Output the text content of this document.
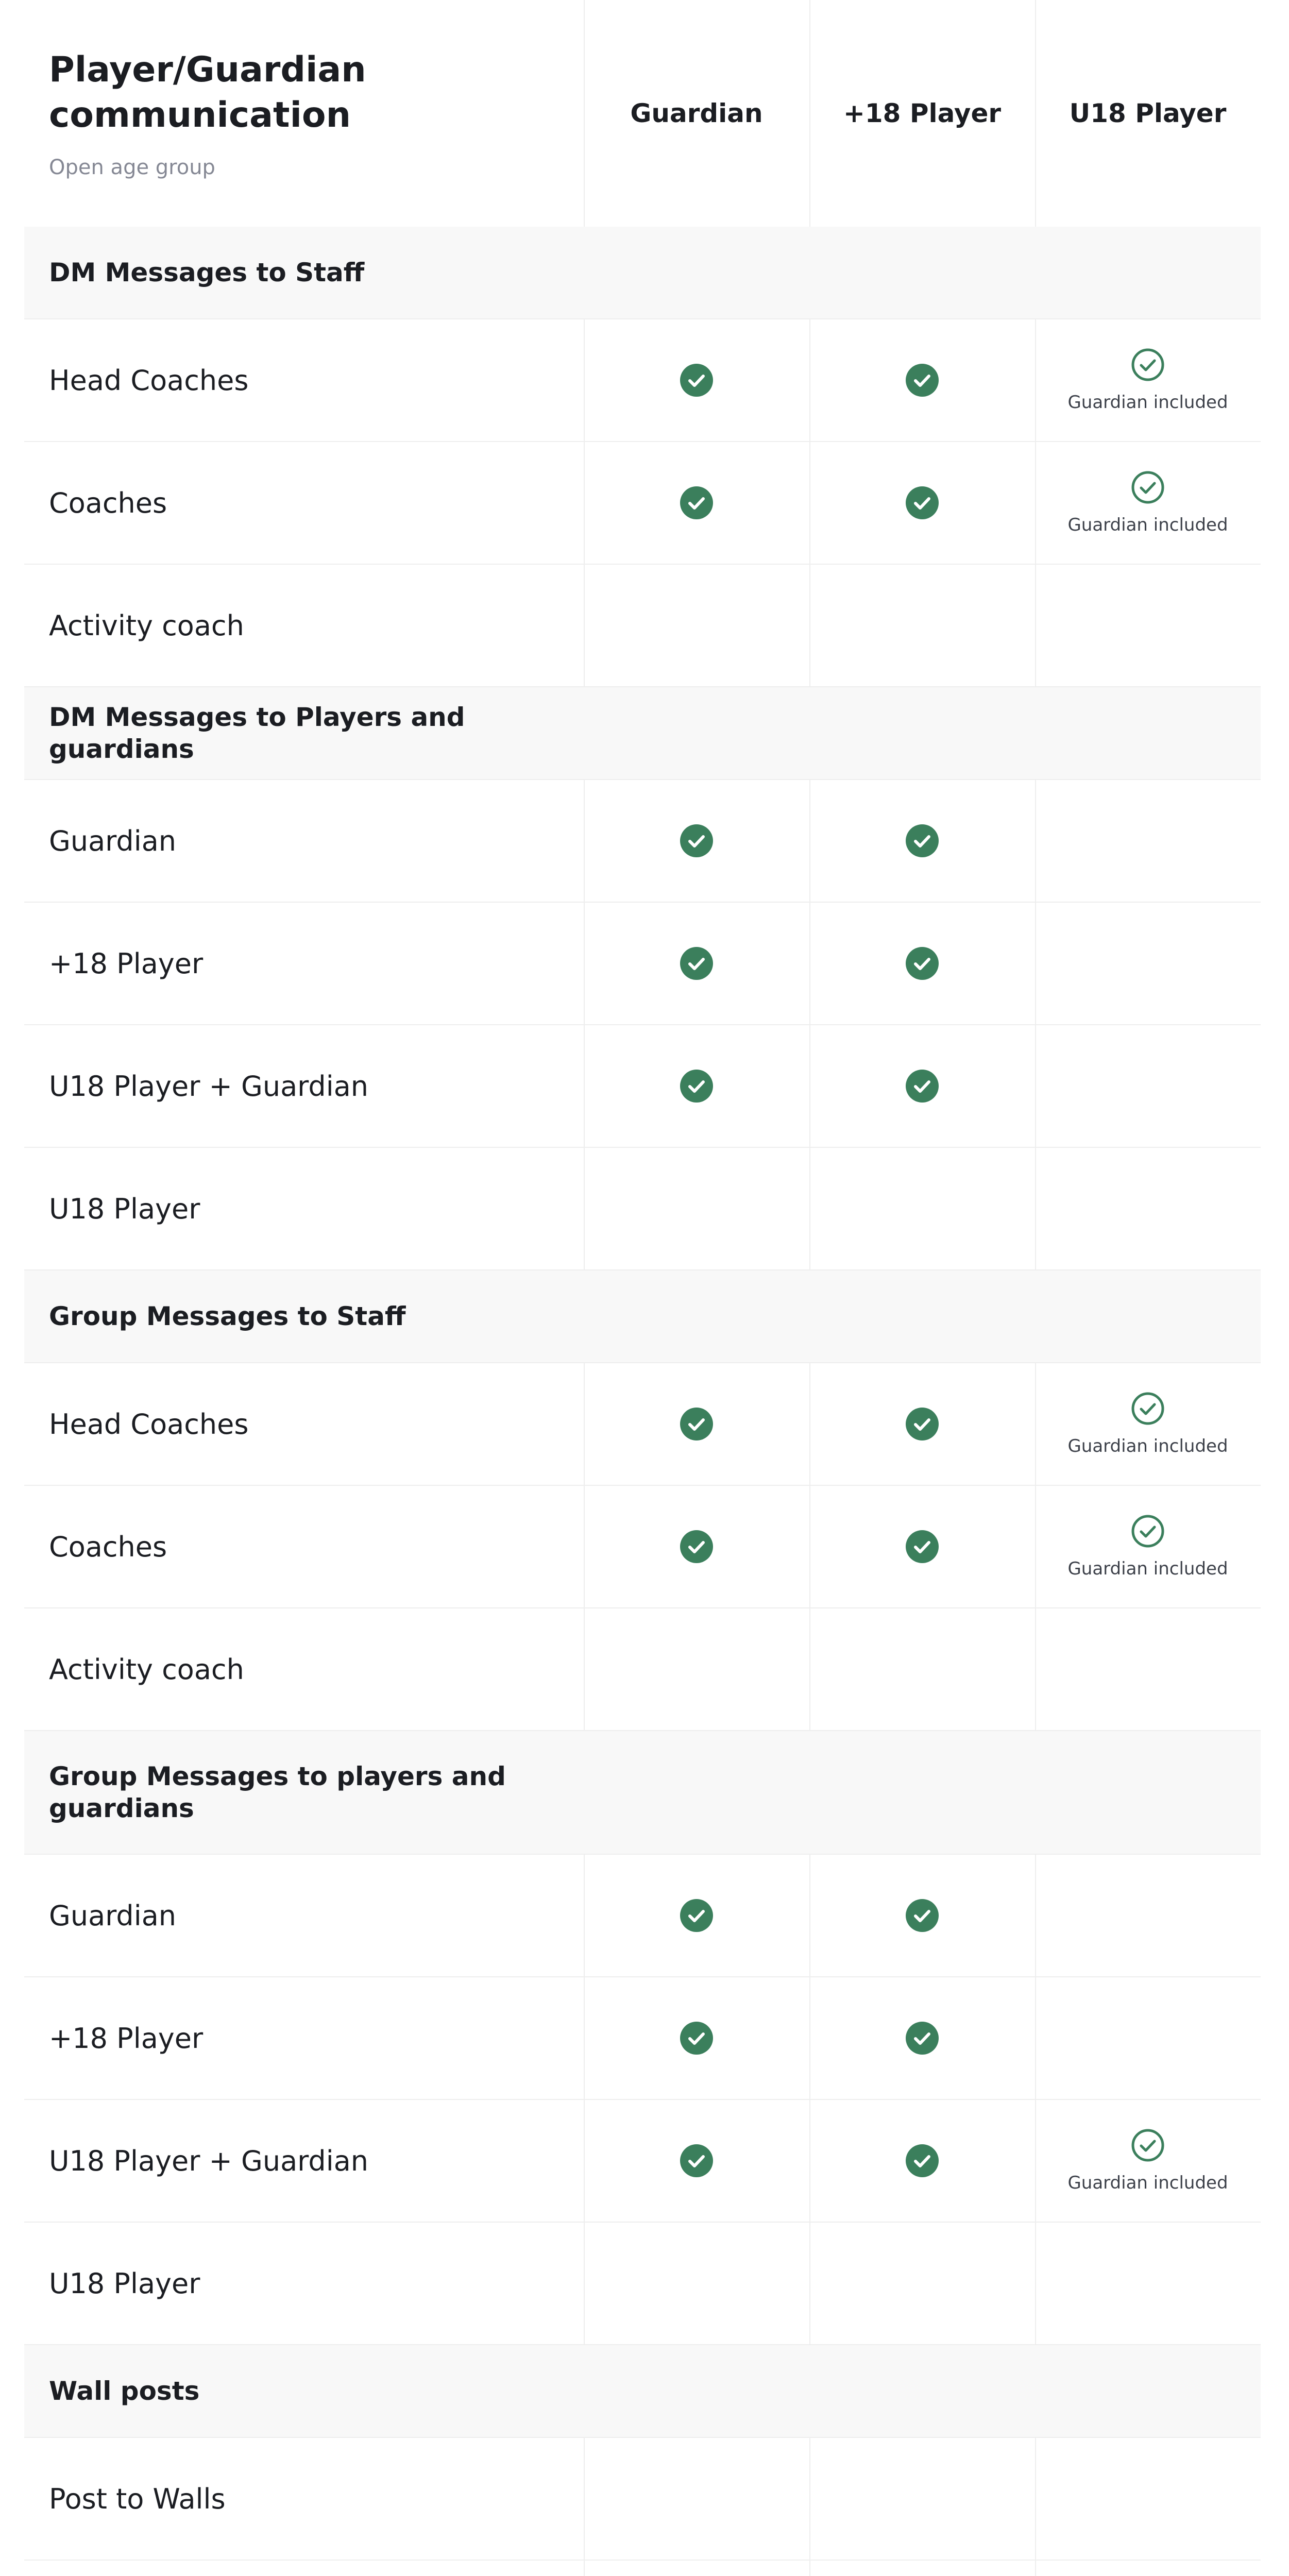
Player/Guardian communication
Open age group
Guardian	+18 Player	U18 Player
DM Messages to Staff
Head Coaches
Guardian included
Coaches
Guardian included
Activity coach
DM Messages to Players and guardians
Guardian
+18 Player
U18 Player + Guardian
U18 Player
Group Messages to Staff
Head Coaches
Guardian included
Coaches
Guardian included
Activity coach
Group Messages to players and guardians
Guardian
+18 Player
U18 Player + Guardian
Guardian included
U18 Player
Wall posts
Post to Walls
